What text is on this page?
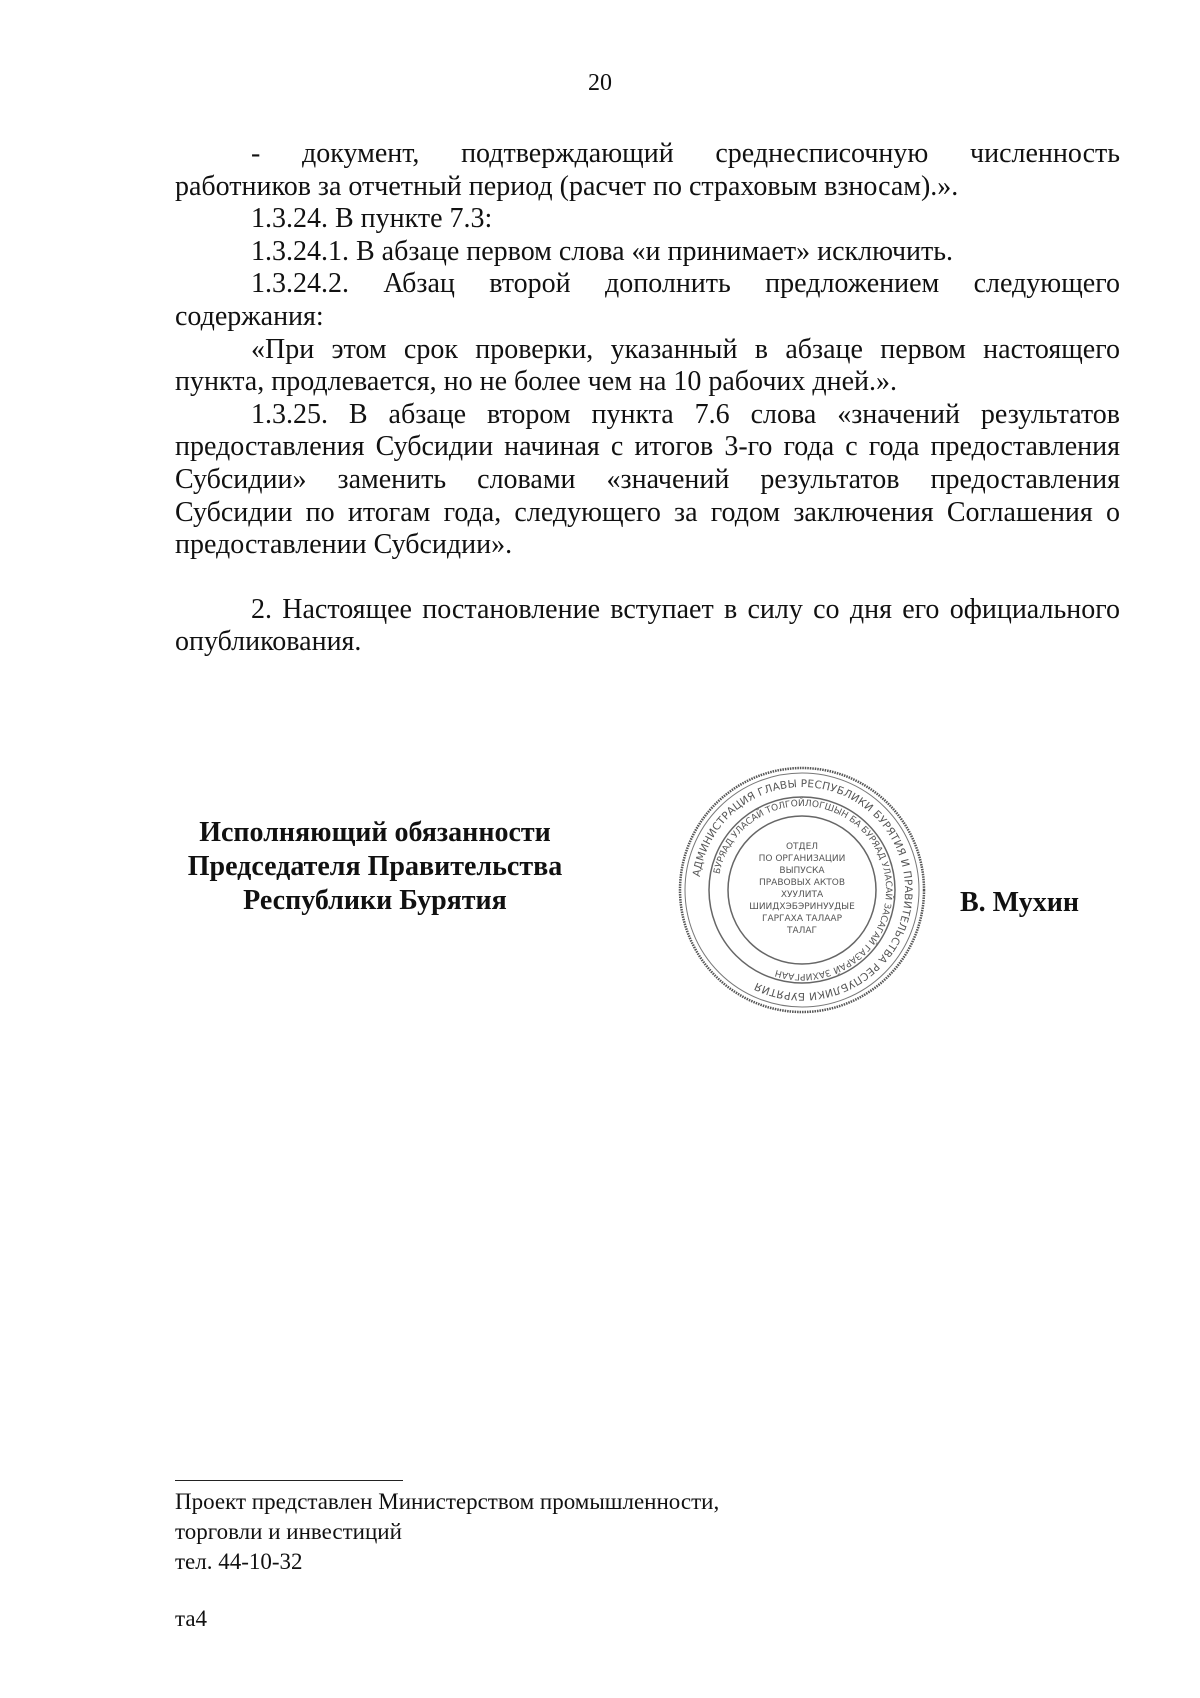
20

- документ, подтверждающий среднесписочную численность работников за отчетный период (расчет по страховым взносам).».

1.3.24. В пункте 7.3:

1.3.24.1. В абзаце первом слова «и принимает» исключить.

1.3.24.2. Абзац второй дополнить предложением следующего содержания:

«При этом срок проверки, указанный в абзаце первом настоящего пункта, продлевается, но не более чем на 10 рабочих дней.».

1.3.25. В абзаце втором пункта 7.6 слова «значений результатов предоставления Субсидии начиная с итогов 3-го года с года предоставления Субсидии» заменить словами «значений результатов предоставления Субсидии по итогам года, следующего за годом заключения Соглашения о предоставлении Субсидии».

2. Настоящее постановление вступает в силу со дня его официального опубликования.

Исполняющий обязанности
Председателя Правительства
Республики Бурятия
АДМИНИСТРАЦИЯ ГЛАВЫ РЕСПУБЛИКИ БУРЯТИЯ И ПРАВИТЕЛЬСТВА РЕСПУБЛИКИ БУРЯТИЯ
БУРЯАД УЛАСАЙ ТОЛГОЙЛОГШЫН БА БУРЯАД УЛАСАЙ ЗАСАГАЙ ГАЗАРАЙ ЗАХИРГААН
ОТДЕЛ
ПО ОРГАНИЗАЦИИ
ВЫПУСКА
ПРАВОВЫХ АКТОВ
ХУУЛИТА
ШИИДХЭБЭРИНУУДЫЕ
ГАРГАХА ТАЛААР
ТАЛАГ
В. Мухин
Проект представлен Министерством промышленности,
торговли и инвестиций
тел. 44-10-32
та4
